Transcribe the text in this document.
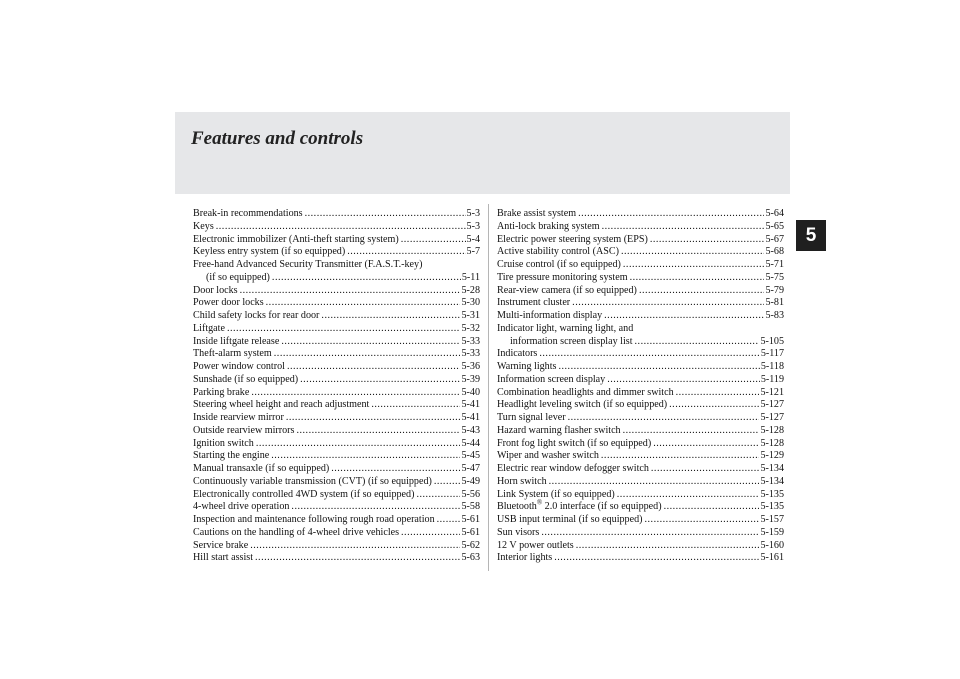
Features and controls
5
Break-in recommendations .....	5-3
Keys .....	5-3
Electronic immobilizer (Anti-theft starting system) .....	5-4
Keyless entry system (if so equipped) .....	5-7
Free-hand Advanced Security Transmitter (F.A.S.T.-key)
(if so equipped) .....	5-11
Door locks .....	5-28
Power door locks .....	5-30
Child safety locks for rear door .....	5-31
Liftgate .....	5-32
Inside liftgate release .....	5-33
Theft-alarm system .....	5-33
Power window control .....	5-36
Sunshade (if so equipped) .....	5-39
Parking brake .....	5-40
Steering wheel height and reach adjustment .....	5-41
Inside rearview mirror .....	5-41
Outside rearview mirrors .....	5-43
Ignition switch .....	5-44
Starting the engine .....	5-45
Manual transaxle (if so equipped) .....	5-47
Continuously variable transmission (CVT) (if so equipped) .....	5-49
Electronically controlled 4WD system (if so equipped) .....	5-56
4-wheel drive operation .....	5-58
Inspection and maintenance following rough road operation .....	5-61
Cautions on the handling of 4-wheel drive vehicles .....	5-61
Service brake .....	5-62
Hill start assist .....	5-63
Brake assist system .....	5-64
Anti-lock braking system .....	5-65
Electric power steering system (EPS) .....	5-67
Active stability control (ASC) .....	5-68
Cruise control (if so equipped) .....	5-71
Tire pressure monitoring system .....	5-75
Rear-view camera (if so equipped) .....	5-79
Instrument cluster .....	5-81
Multi-information display .....	5-83
Indicator light, warning light, and
information screen display list .....	5-105
Indicators .....	5-117
Warning lights .....	5-118
Information screen display .....	5-119
Combination headlights and dimmer switch .....	5-121
Headlight leveling switch (if so equipped) .....	5-127
Turn signal lever .....	5-127
Hazard warning flasher switch .....	5-128
Front fog light switch (if so equipped) .....	5-128
Wiper and washer switch .....	5-129
Electric rear window defogger switch .....	5-134
Horn switch .....	5-134
Link System (if so equipped) .....	5-135
Bluetooth® 2.0 interface (if so equipped) .....	5-135
USB input terminal (if so equipped) .....	5-157
Sun visors .....	5-159
12 V power outlets .....	5-160
Interior lights .....	5-161
